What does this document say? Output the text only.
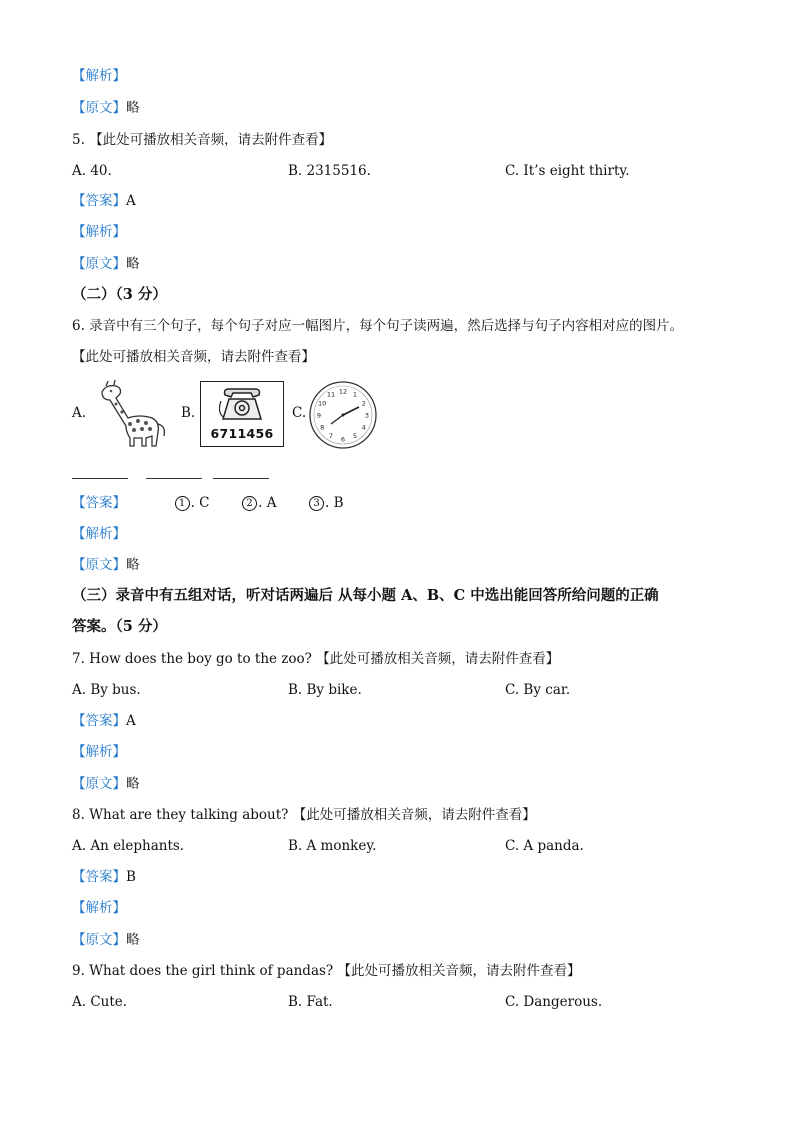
【解析】
【原文】略
5. 【此处可播放相关音频，请去附件查看】
A. 40.	B. 2315516.	C. It’s eight thirty.
【答案】A
【解析】
【原文】略
（二）（3 分）
6. 录音中有三个句子，每个句子对应一幅图片，每个句子读两遍，然后选择与句子内容相对应的图片。
【此处可播放相关音频，请去附件查看】
A.	B.
6711456
C.
12 1
2
3
4
5
6
7
8
9
10
11
【答案】	1 . C	2 . A	3 . B
【解析】
【原文】略
（三）录音中有五组对话，听对话两遍后 从每小题 A、B、C 中选出能回答所给问题的正确
答案。（5 分）
7. How does the boy go to the zoo? 【此处可播放相关音频，请去附件查看】
A. By bus.	B. By bike.	C. By car.
【答案】A
【解析】
【原文】略
8. What are they talking about? 【此处可播放相关音频，请去附件查看】
A. An elephants.	B. A monkey.	C. A panda.
【答案】B
【解析】
【原文】略
9. What does the girl think of pandas? 【此处可播放相关音频，请去附件查看】
A. Cute.	B. Fat.	C. Dangerous.
